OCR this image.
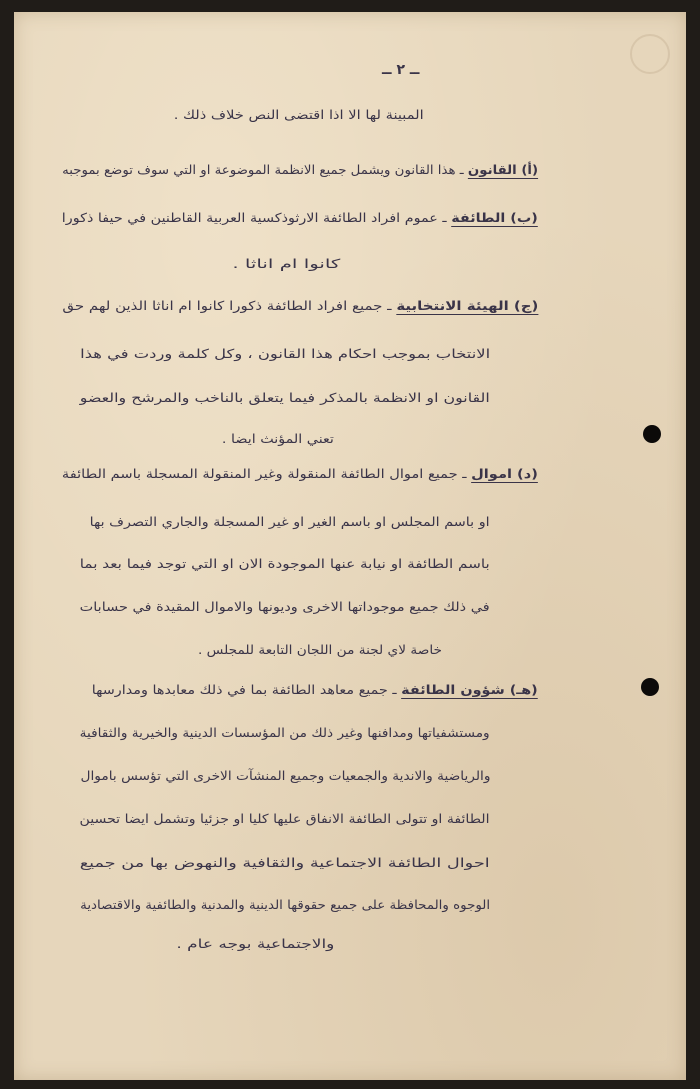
ــ ٢ ــ
المبينة لها الا اذا اقتضى النص خلاف ذلك .
(أ) القانون ـ هذا القانون ويشمل جميع الانظمة الموضوعة او التي سوف توضع بموجبه
(ب) الطائفة ـ عموم افراد الطائفة الارثوذكسية العربية القاطنين في حيفا ذكورا
كانوا ام اناثا .
(ج) الهيئة الانتخابية ـ جميع افراد الطائفة ذكورا كانوا ام اناثا الذين لهم حق
الانتخاب بموجب احكام هذا القانون ، وكل كلمة وردت في هذا
القانون او الانظمة بالمذكر فيما يتعلق بالناخب والمرشح والعضو
تعني المؤنث ايضا .
(د) اموال ـ جميع اموال الطائفة المنقولة وغير المنقولة المسجلة باسم الطائفة
او باسم المجلس او باسم الغير او غير المسجلة والجاري التصرف بها
باسم الطائفة او نيابة عنها الموجودة الان او التي توجد فيما بعد بما
في ذلك جميع موجوداتها الاخرى وديونها والاموال المقيدة في حسابات
خاصة لاي لجنة من اللجان التابعة للمجلس .
(هـ) شؤون الطائفة ـ جميع معاهد الطائفة بما في ذلك معابدها ومدارسها
ومستشفياتها ومدافنها وغير ذلك من المؤسسات الدينية والخيرية والثقافية
والرياضية والاندية والجمعيات وجميع المنشآت الاخرى التي تؤسس باموال
الطائفة او تتولى الطائفة الانفاق عليها كليا او جزئيا وتشمل ايضا تحسين
احوال الطائفة الاجتماعية والثقافية والنهوض بها من جميع
الوجوه والمحافظة على جميع حقوقها الدينية والمدنية والطائفية والاقتصادية
والاجتماعية بوجه عام .
